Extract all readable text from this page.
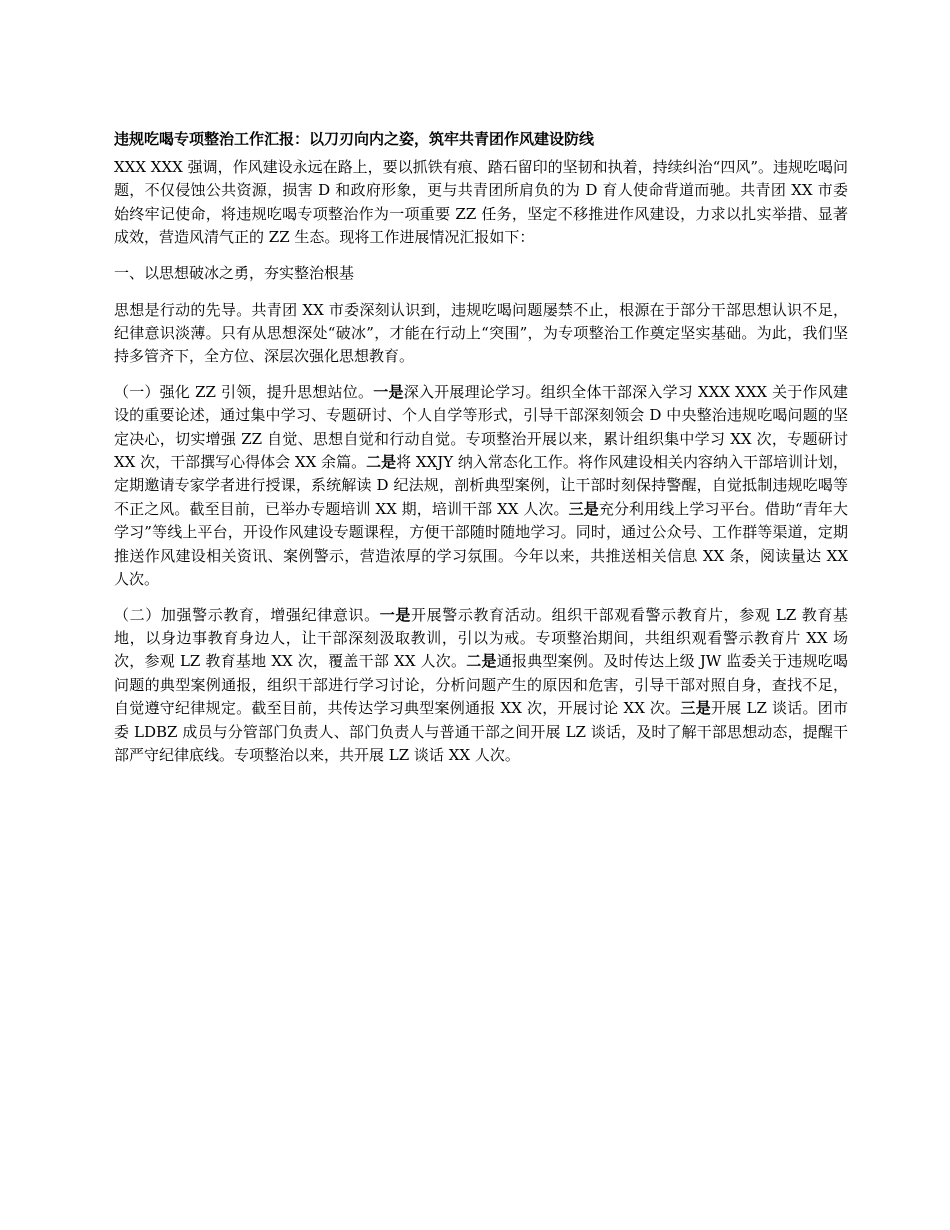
违规吃喝专项整治工作汇报：以刀刃向内之姿，筑牢共青团作风建设防线

XXX XXX 强调，作风建设永远在路上，要以抓铁有痕、踏石留印的坚韧和执着，持续纠治“四风”。违规吃喝问题，不仅侵蚀公共资源，损害 D 和政府形象，更与共青团所肩负的为 D 育人使命背道而驰。共青团 XX 市委始终牢记使命，将违规吃喝专项整治作为一项重要 ZZ 任务，坚定不移推进作风建设，力求以扎实举措、显著成效，营造风清气正的 ZZ 生态。现将工作进展情况汇报如下：

一、以思想破冰之勇，夯实整治根基

思想是行动的先导。共青团 XX 市委深刻认识到，违规吃喝问题屡禁不止，根源在于部分干部思想认识不足，纪律意识淡薄。只有从思想深处“破冰”，才能在行动上“突围”，为专项整治工作奠定坚实基础。为此，我们坚持多管齐下，全方位、深层次强化思想教育。

（一）强化 ZZ 引领，提升思想站位。一是深入开展理论学习。组织全体干部深入学习 XXX XXX 关于作风建设的重要论述，通过集中学习、专题研讨、个人自学等形式，引导干部深刻领会 D 中央整治违规吃喝问题的坚定决心，切实增强 ZZ 自觉、思想自觉和行动自觉。专项整治开展以来，累计组织集中学习 XX 次，专题研讨 XX 次，干部撰写心得体会 XX 余篇。二是将 XXJY 纳入常态化工作。将作风建设相关内容纳入干部培训计划，定期邀请专家学者进行授课，系统解读 D 纪法规，剖析典型案例，让干部时刻保持警醒，自觉抵制违规吃喝等不正之风。截至目前，已举办专题培训 XX 期，培训干部 XX 人次。三是充分利用线上学习平台。借助“青年大学习”等线上平台，开设作风建设专题课程，方便干部随时随地学习。同时，通过公众号、工作群等渠道，定期推送作风建设相关资讯、案例警示，营造浓厚的学习氛围。今年以来，共推送相关信息 XX 条，阅读量达 XX 人次。

（二）加强警示教育，增强纪律意识。一是开展警示教育活动。组织干部观看警示教育片，参观 LZ 教育基地，以身边事教育身边人，让干部深刻汲取教训，引以为戒。专项整治期间，共组织观看警示教育片 XX 场次，参观 LZ 教育基地 XX 次，覆盖干部 XX 人次。二是通报典型案例。及时传达上级 JW 监委关于违规吃喝问题的典型案例通报，组织干部进行学习讨论，分析问题产生的原因和危害，引导干部对照自身，查找不足，自觉遵守纪律规定。截至目前，共传达学习典型案例通报 XX 次，开展讨论 XX 次。三是开展 LZ 谈话。团市委 LDBZ 成员与分管部门负责人、部门负责人与普通干部之间开展 LZ 谈话，及时了解干部思想动态，提醒干部严守纪律底线。专项整治以来，共开展 LZ 谈话 XX 人次。
